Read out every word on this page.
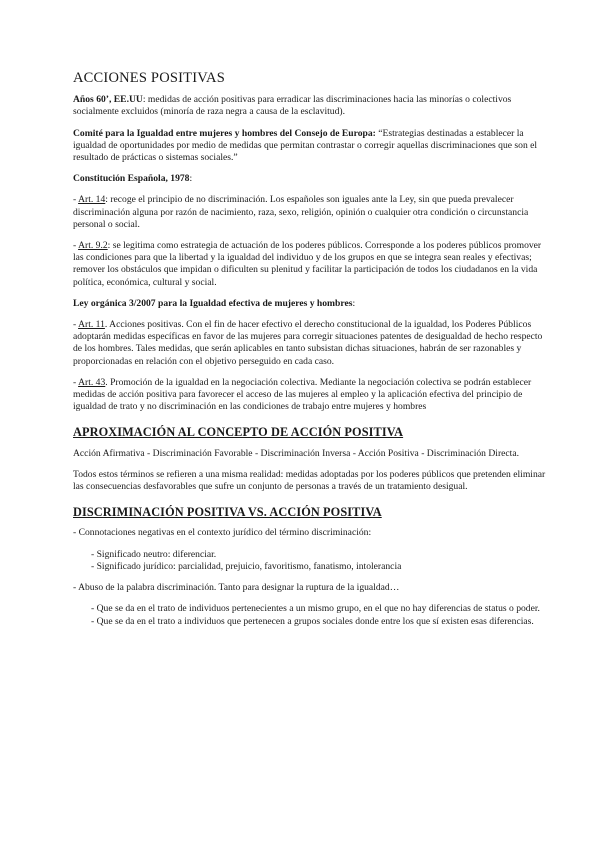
ACCIONES POSITIVAS

Años 60’, EE.UU: medidas de acción positivas para erradicar las discriminaciones hacia las minorías o colectivos socialmente excluidos (minoría de raza negra a causa de la esclavitud).

Comité para la Igualdad entre mujeres y hombres del Consejo de Europa: “Estrategias destinadas a establecer la igualdad de oportunidades por medio de medidas que permitan contrastar o corregir aquellas discriminaciones que son el resultado de prácticas o sistemas sociales.”

Constitución Española, 1978:

- Art. 14: recoge el principio de no discriminación. Los españoles son iguales ante la Ley, sin que pueda prevalecer discriminación alguna por razón de nacimiento, raza, sexo, religión, opinión o cualquier otra condición o circunstancia personal o social.

- Art. 9.2: se legitima como estrategia de actuación de los poderes públicos. Corresponde a los poderes públicos promover las condiciones para que la libertad y la igualdad del individuo y de los grupos en que se integra sean reales y efectivas; remover los obstáculos que impidan o dificulten su plenitud y facilitar la participación de todos los ciudadanos en la vida política, económica, cultural y social.

Ley orgánica 3/2007 para la Igualdad efectiva de mujeres y hombres:

- Art. 11. Acciones positivas. Con el fin de hacer efectivo el derecho constitucional de la igualdad, los Poderes Públicos adoptarán medidas específicas en favor de las mujeres para corregir situaciones patentes de desigualdad de hecho respecto de los hombres. Tales medidas, que serán aplicables en tanto subsistan dichas situaciones, habrán de ser razonables y proporcionadas en relación con el objetivo perseguido en cada caso.

- Art. 43. Promoción de la igualdad en la negociación colectiva. Mediante la negociación colectiva se podrán establecer medidas de acción positiva para favorecer el acceso de las mujeres al empleo y la aplicación efectiva del principio de igualdad de trato y no discriminación en las condiciones de trabajo entre mujeres y hombres

APROXIMACIÓN AL CONCEPTO DE ACCIÓN POSITIVA

Acción Afirmativa - Discriminación Favorable - Discriminación Inversa - Acción Positiva - Discriminación Directa.

Todos estos términos se refieren a una misma realidad: medidas adoptadas por los poderes públicos que pretenden eliminar las consecuencias desfavorables que sufre un conjunto de personas a través de un tratamiento desigual.

DISCRIMINACIÓN POSITIVA VS. ACCIÓN POSITIVA

- Connotaciones negativas en el contexto jurídico del término discriminación:

- Significado neutro: diferenciar.

- Significado jurídico: parcialidad, prejuicio, favoritismo, fanatismo, intolerancia

- Abuso de la palabra discriminación. Tanto para designar la ruptura de la igualdad…

- Que se da en el trato de individuos pertenecientes a un mismo grupo, en el que no hay diferencias de status o poder.

- Que se da en el trato a individuos que pertenecen a grupos sociales donde entre los que sí existen esas diferencias.
